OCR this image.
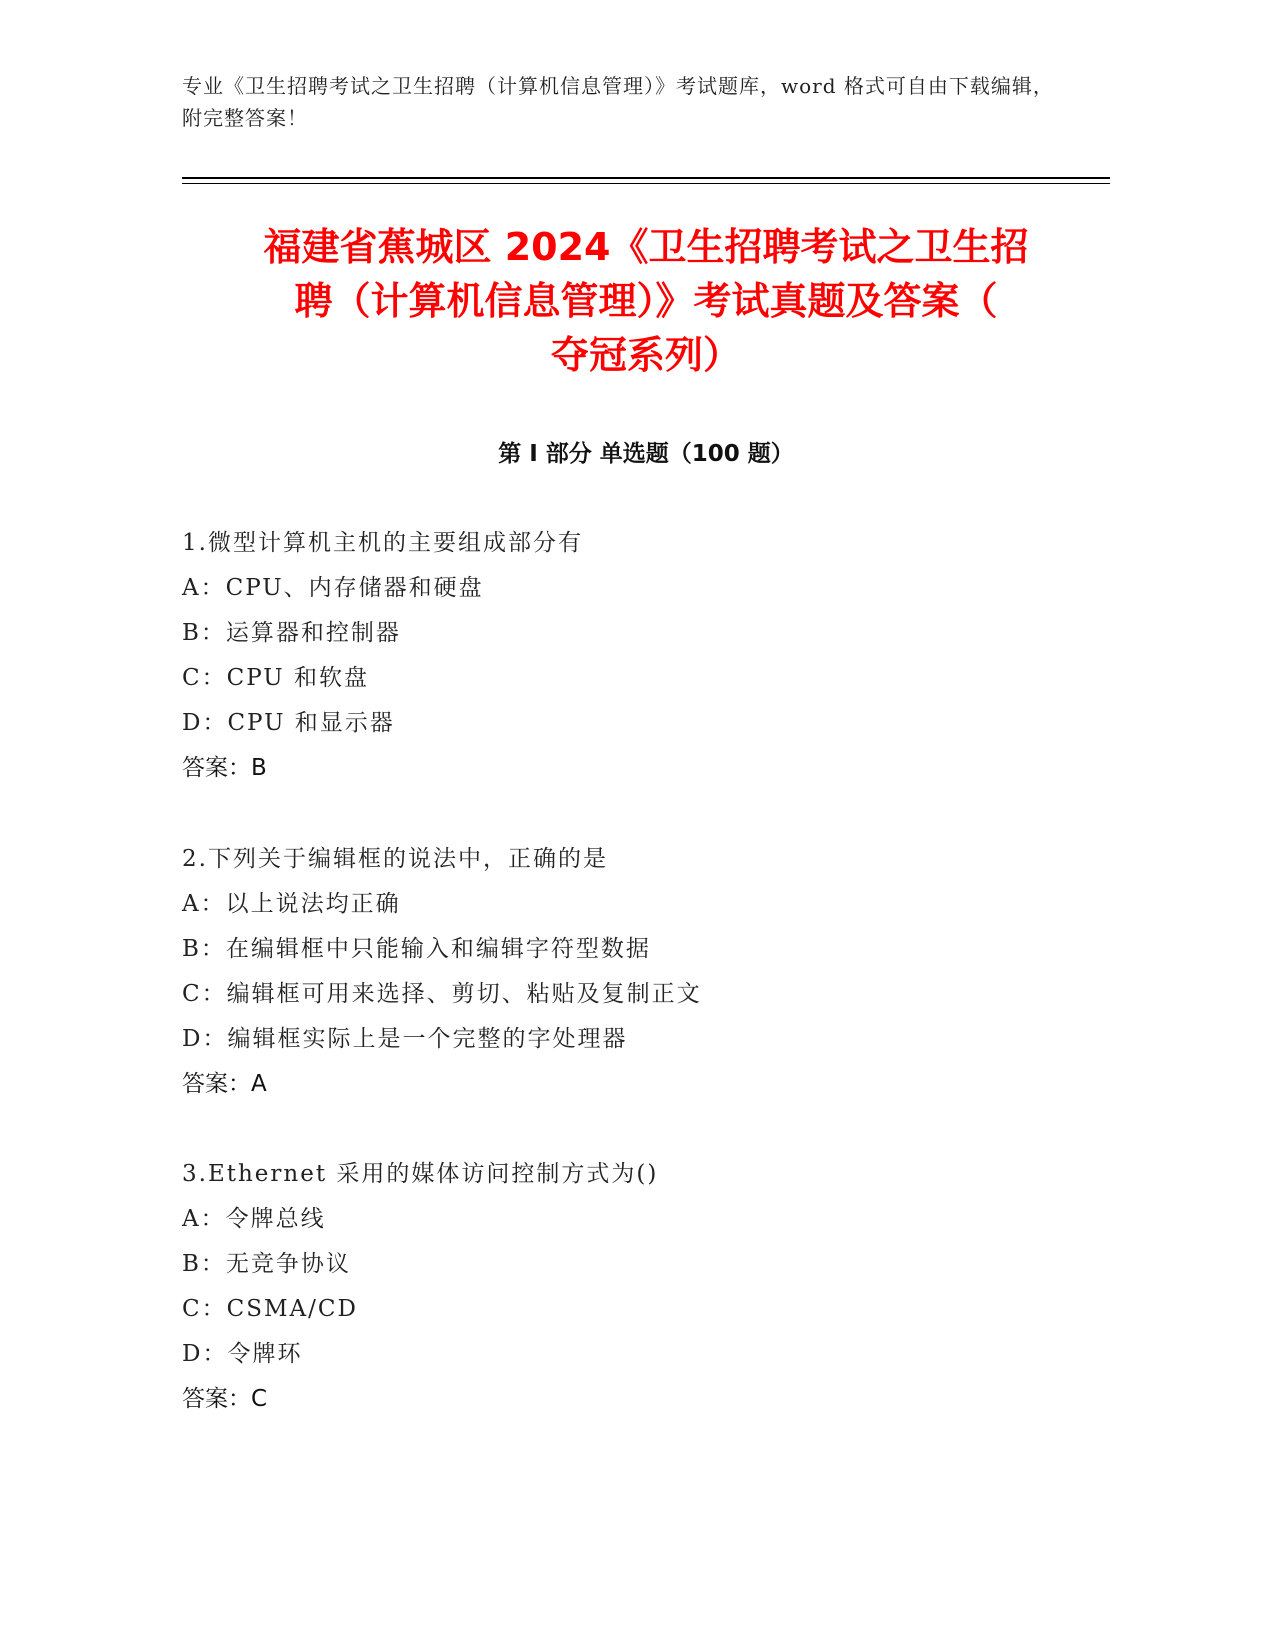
专业《卫生招聘考试之卫生招聘（计算机信息管理）》考试题库，word 格式可自由下载编辑，附完整答案！
福建省蕉城区 2024《卫生招聘考试之卫生招
聘（计算机信息管理）》考试真题及答案（
夺冠系列）
第 I 部分 单选题（100 题）
1.微型计算机主机的主要组成部分有
A：CPU、内存储器和硬盘
B：运算器和控制器
C：CPU 和软盘
D：CPU 和显示器
答案：B
2.下列关于编辑框的说法中，正确的是
A：以上说法均正确
B：在编辑框中只能输入和编辑字符型数据
C：编辑框可用来选择、剪切、粘贴及复制正文
D：编辑框实际上是一个完整的字处理器
答案：A
3.Ethernet 采用的媒体访问控制方式为()
A：令牌总线
B：无竞争协议
C：CSMA/CD
D：令牌环
答案：C
